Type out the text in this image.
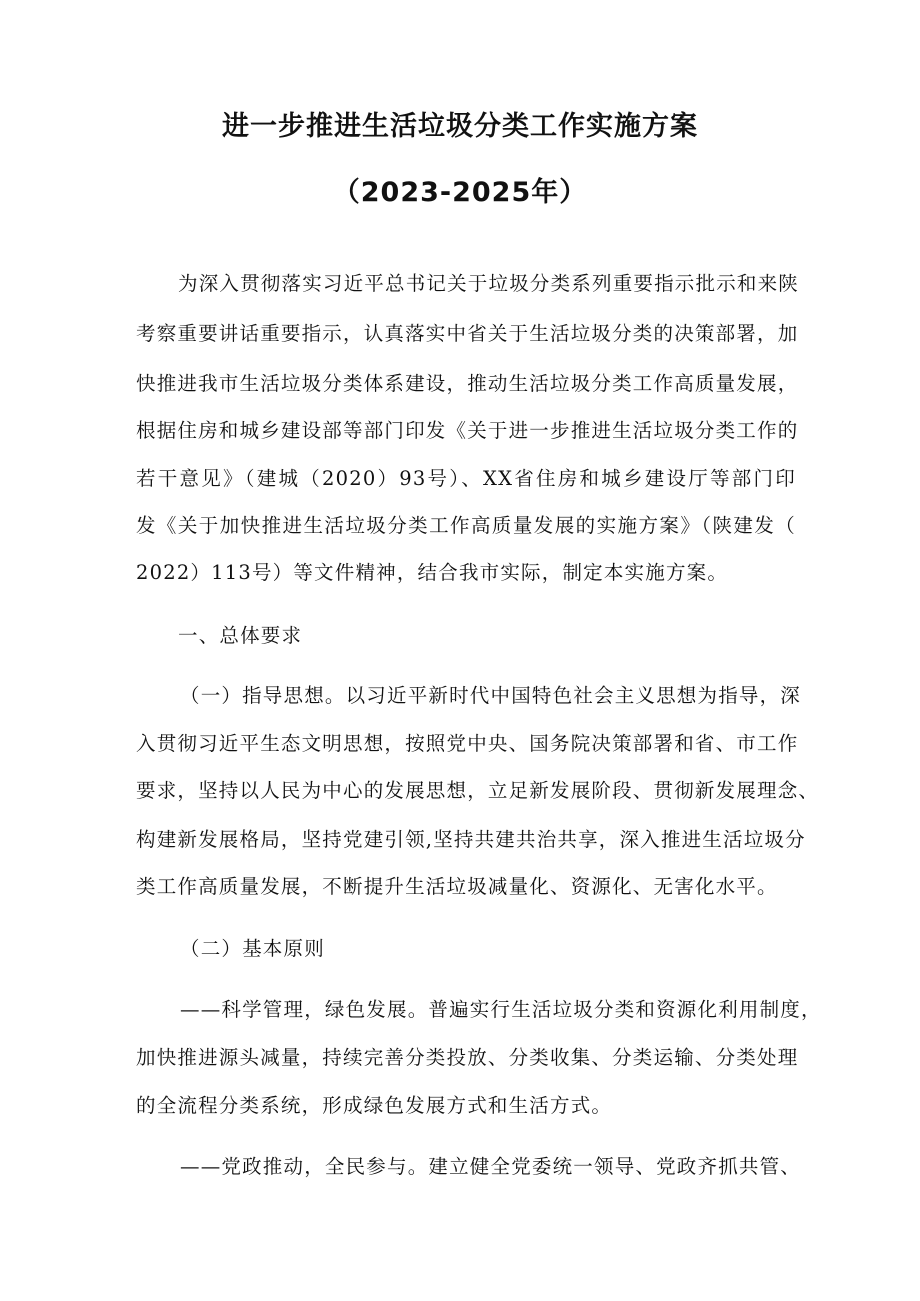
进一步推进生活垃圾分类工作实施方案
（2023-2025年）
为深入贯彻落实习近平总书记关于垃圾分类系列重要指示批示和来陕
考察重要讲话重要指示，认真落实中省关于生活垃圾分类的决策部署，加
快推进我市生活垃圾分类体系建设，推动生活垃圾分类工作高质量发展，
根据住房和城乡建设部等部门印发《关于进一步推进生活垃圾分类工作的
若干意见》（建城（2020）93号）、XX省住房和城乡建设厅等部门印
发《关于加快推进生活垃圾分类工作高质量发展的实施方案》（陕建发（
2022）113号）等文件精神，结合我市实际，制定本实施方案。
一、总体要求
（一）指导思想。以习近平新时代中国特色社会主义思想为指导，深
入贯彻习近平生态文明思想，按照党中央、国务院决策部署和省、市工作
要求，坚持以人民为中心的发展思想，立足新发展阶段、贯彻新发展理念、
构建新发展格局，坚持党建引领,坚持共建共治共享，深入推进生活垃圾分
类工作高质量发展，不断提升生活垃圾减量化、资源化、无害化水平。
（二）基本原则
——科学管理，绿色发展。普遍实行生活垃圾分类和资源化利用制度，
加快推进源头减量，持续完善分类投放、分类收集、分类运输、分类处理
的全流程分类系统，形成绿色发展方式和生活方式。
——党政推动，全民参与。建立健全党委统一领导、党政齐抓共管、
